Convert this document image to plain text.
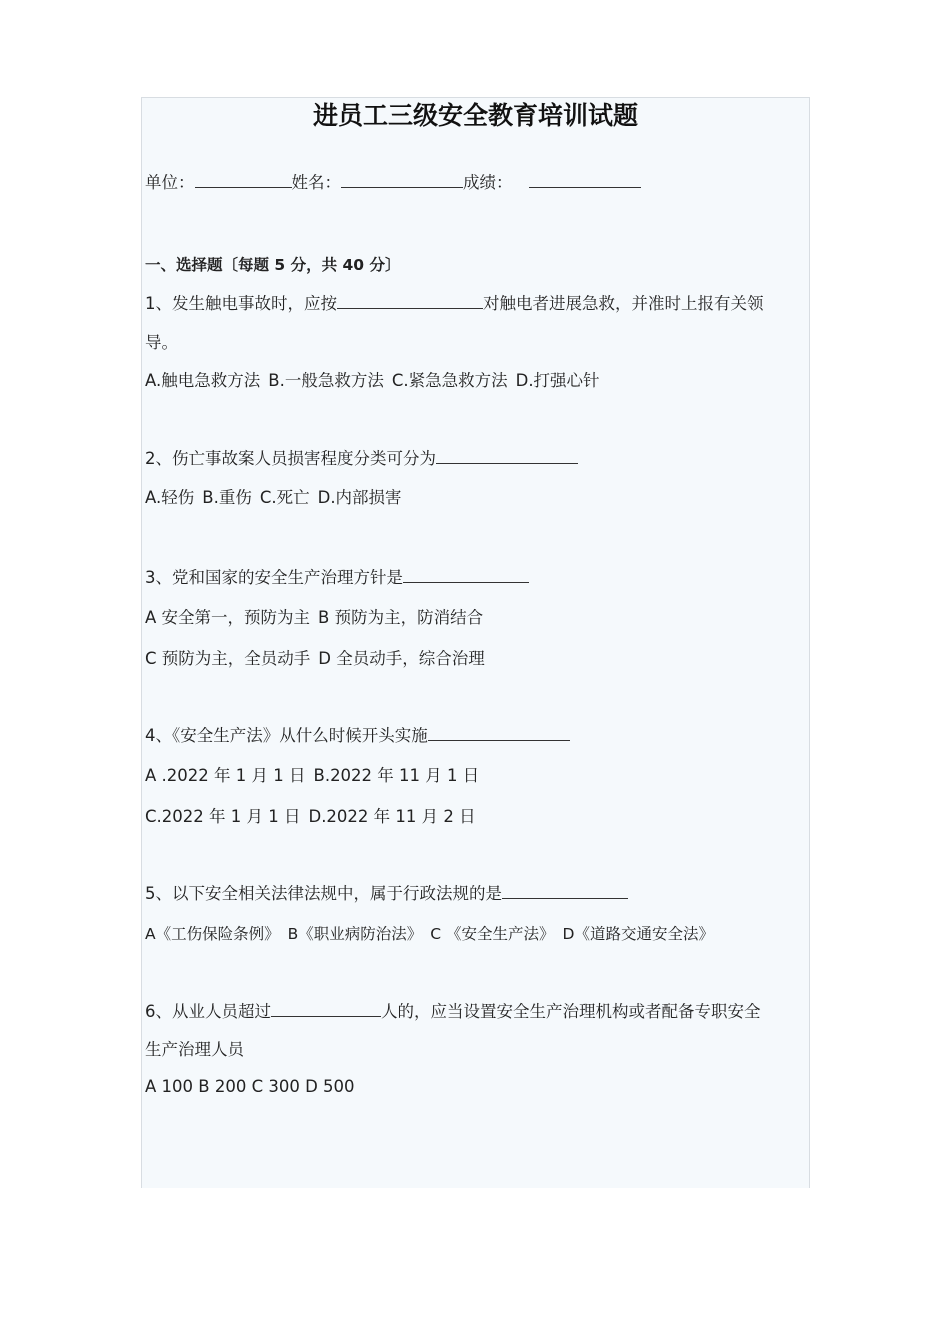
进员工三级安全教育培训试题
单位：	姓名：	成绩：
一、选择题〔每题 5 分，共 40 分〕
1、发生触电事故时，应按	对触电者进展急救，并准时上报有关领
导。
A.触电急救方法 B.一般急救方法 C.紧急急救方法 D.打强心针
2、伤亡事故案人员损害程度分类可分为
A.轻伤 B.重伤 C.死亡 D.内部损害
3、党和国家的安全生产治理方针是
A 安全第一，预防为主 B 预防为主，防消结合
C 预防为主，全员动手 D 全员动手，综合治理
4、《安全生产法》从什么时候开头实施
A .2022 年 1 月 1 日 B.2022 年 11 月 1 日
C.2022 年 1 月 1 日 D.2022 年 11 月 2 日
5、以下安全相关法律法规中，属于行政法规的是
A《工伤保险条例》 B《职业病防治法》 C 《安全生产法》 D《道路交通安全法》
6、从业人员超过	人的，应当设置安全生产治理机构或者配备专职安全
生产治理人员
A 100 B 200 C 300 D 500
